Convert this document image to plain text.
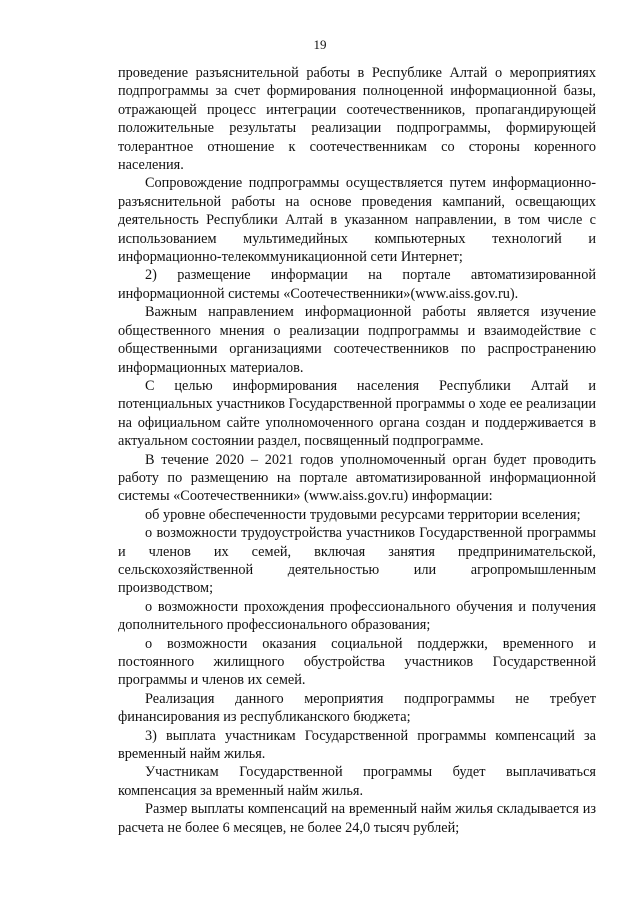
19

проведение разъяснительной работы в Республике Алтай о мероприятиях подпрограммы за счет формирования полноценной информационной базы, отражающей процесс интеграции соотечественников, пропагандирующей положительные результаты реализации подпрограммы, формирующей толерантное отношение к соотечественникам со стороны коренного населения.

Сопровождение подпрограммы осуществляется путем информационно-разъяснительной работы на основе проведения кампаний, освещающих деятельность Республики Алтай в указанном направлении, в том числе с использованием мультимедийных компьютерных технологий и информационно-телекоммуникационной сети Интернет;

2) размещение информации на портале автоматизированной информационной системы «Соотечественники»(www.aiss.gov.ru).

Важным направлением информационной работы является изучение общественного мнения о реализации подпрограммы и взаимодействие с общественными организациями соотечественников по распространению информационных материалов.

С целью информирования населения Республики Алтай и потенциальных участников Государственной программы о ходе ее реализации на официальном сайте уполномоченного органа создан и поддерживается в актуальном состоянии раздел, посвященный подпрограмме.

В течение 2020 – 2021 годов уполномоченный орган будет проводить работу по размещению на портале автоматизированной информационной системы «Соотечественники» (www.aiss.gov.ru) информации:

об уровне обеспеченности трудовыми ресурсами территории вселения;

о возможности трудоустройства участников Государственной программы и членов их семей, включая занятия предпринимательской, сельскохозяйственной деятельностью или агропромышленным производством;

о возможности прохождения профессионального обучения и получения дополнительного профессионального образования;

о возможности оказания социальной поддержки, временного и постоянного жилищного обустройства участников Государственной программы и членов их семей.

Реализация данного мероприятия подпрограммы не требует финансирования из республиканского бюджета;

3) выплата участникам Государственной программы компенсаций за временный найм жилья.

Участникам Государственной программы будет выплачиваться компенсация за временный найм жилья.

Размер выплаты компенсаций на временный найм жилья складывается из расчета не более 6 месяцев, не более 24,0 тысяч рублей;
